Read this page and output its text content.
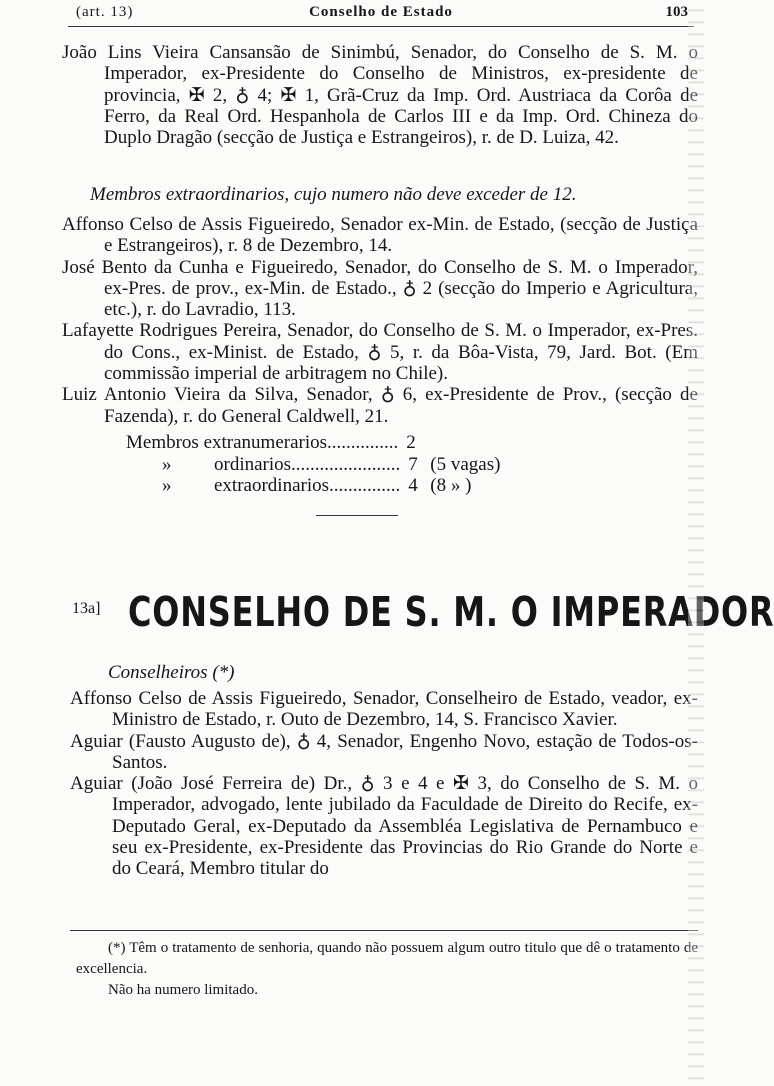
(art. 13)	Conselho de Estado	103

João Lins Vieira Cansansão de Sinimbú, Senador, do Conselho de S. M. o Imperador, ex-Presidente do Conselho de Ministros, ex-presidente de provincia, ✠ 2, ♁ 4; ✠ 1, Grã-Cruz da Imp. Ord. Austriaca da Corôa de Ferro, da Real Ord. Hespanhola de Carlos III e da Imp. Ord. Chineza do Duplo Dragão (secção de Justiça e Estrangeiros), r. de D. Luiza, 42.

Membros extraordinarios, cujo numero não deve exceder de 12.

Affonso Celso de Assis Figueiredo, Senador ex-Min. de Estado, (secção de Justiça e Estrangeiros), r. 8 de Dezembro, 14.

José Bento da Cunha e Figueiredo, Senador, do Conselho de S. M. o Imperador, ex-Pres. de prov., ex-Min. de Estado., ♁ 2 (secção do Imperio e Agricultura, etc.), r. do Lavradio, 113.

Lafayette Rodrigues Pereira, Senador, do Conselho de S. M. o Imperador, ex-Pres. do Cons., ex-Minist. de Estado, ♁ 5, r. da Bôa-Vista, 79, Jard. Bot. (Em commissão imperial de arbitragem no Chile).

Luiz Antonio Vieira da Silva, Senador, ♁ 6, ex-Presidente de Prov., (secção de Fazenda), r. do General Caldwell, 21.

Membros extranumerarios ............... 2
»	ordinarios ....................... 7 (5 vagas)
»	extraordinarios ............... 4 (8 » )
13a] CONSELHO DE S. M. O IMPERADOR
Conselheiros (*)

Affonso Celso de Assis Figueiredo, Senador, Conselheiro de Estado, veador, ex-Ministro de Estado, r. Outo de Dezembro, 14, S. Francisco Xavier.

Aguiar (Fausto Augusto de), ♁ 4, Senador, Engenho Novo, estação de Todos-os-Santos.

Aguiar (João José Ferreira de) Dr., ♁ 3 e 4 e ✠ 3, do Conselho de S. M. o Imperador, advogado, lente jubilado da Faculdade de Direito do Recife, ex-Deputado Geral, ex-Deputado da Assembléa Legislativa de Pernambuco e seu ex-Presidente, ex-Presidente das Provincias do Rio Grande do Norte e do Ceará, Membro titular do

(*) Têm o tratamento de senhoria, quando não possuem algum outro titulo que dê o tratamento de excellencia.

Não ha numero limitado.
